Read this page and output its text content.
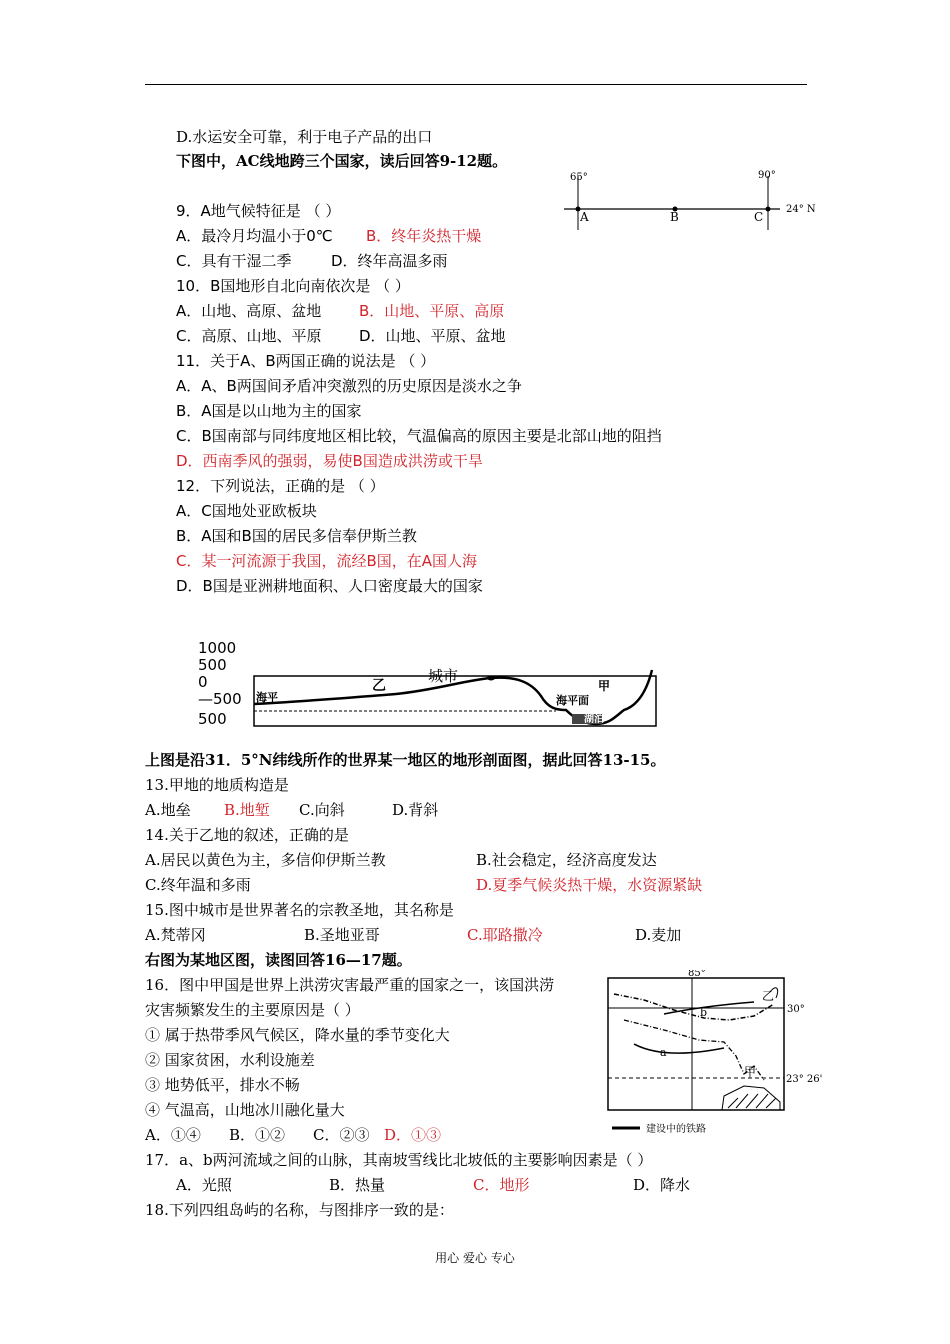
D.水运安全可靠，利于电子产品的出口
下图中，AC线地跨三个国家，读后回答9-12题。
65°	90°
24° N
A	B	C
9．A地气候特征是 （ ）
A．最冷月均温小于0℃ B．终年炎热干燥
C．具有干湿二季	D．终年高温多雨
10．B国地形自北向南依次是 （ ）
A．山地、高原、盆地	B．山地、平原、高原
C．高原、山地、平原	D．山地、平原、盆地
11．关于A、B两国正确的说法是 （ ）
A．A、B两国间矛盾冲突激烈的历史原因是淡水之争
B．A国是以山地为主的国家
C．B国南部与同纬度地区相比较，气温偏高的原因主要是北部山地的阻挡
D．西南季风的强弱，易使B国造成洪涝或干旱
12．下列说法，正确的是 （ ）
A．C国地处亚欧板块
B．A国和B国的居民多信奉伊斯兰教
C．某一河流源于我国，流经B国，在A国人海
D．B国是亚洲耕地面积、人口密度最大的国家
1000
500
0
—500
500
城市
乙	甲
海平	海平面
湖泊
上图是沿31．5°N纬线所作的世界某一地区的地形剖面图，据此回答13-15。
13.甲地的地质构造是
A.地垒 B.地堑 C.向斜	D.背斜
14.关于乙地的叙述，正确的是
A.居民以黄色为主，多信仰伊斯兰教	B.社会稳定，经济高度发达
C.终年温和多雨	D.夏季气候炎热干燥，水资源紧缺
15.图中城市是世界著名的宗教圣地，其名称是
A.梵蒂冈	B.圣地亚哥	C.耶路撒冷	D.麦加
右图为某地区图，读图回答16—17题。
16．图中甲国是世界上洪涝灾害最严重的国家之一，该国洪涝
灾害频繁发生的主要原因是（ ）
① 属于热带季风气候区，降水量的季节变化大
② 国家贫困，水利设施差
③ 地势低平，排水不畅
④ 气温高，山地冰川融化量大
A．①④ B．①② C．②③ D．①③
85°
30°
23° 26'
a
b
乙
甲
建设中的铁路
17．a、b两河流域之间的山脉，其南坡雪线比北坡低的主要影响因素是（ ）
A．光照	B．热量	C．地形	D．降水
18.下列四组岛屿的名称，与图排序一致的是：
用心 爱心 专心
